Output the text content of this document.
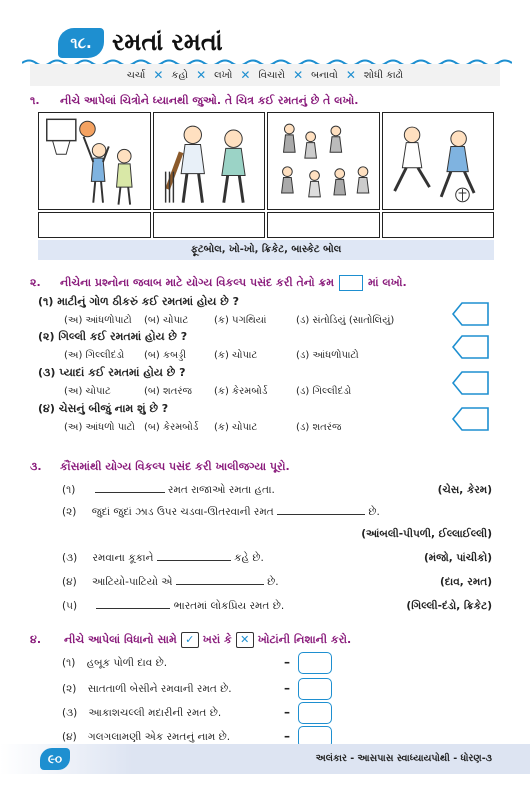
૧૮. રમતાં રમતાં
ચર્ચા ✕ કહો ✕ લખો ✕ વિચારો ✕ બનાવો ✕ શોધી કાઢો
૧. નીચે આપેલાં ચિત્રોને ધ્યાનથી જુઓ. તે ચિત્ર કઈ રમતનું છે તે લખો.
ફૂટબોલ, ખો-ખો, ક્રિકેટ, બાસ્કેટ બોલ
૨.	નીચેના પ્રશ્નોના જવાબ માટે યોગ્ય વિકલ્પ પસંદ કરી તેનો ક્રમ	માં લખો.
(૧) માટીનું ગોળ ઠીકરું કઈ રમતમાં હોય છે ?
(અ) આંધળોપાટો	(બ) ચોપાટ	(ક) પગથિયાં	(ડ) સંતોડિયું (સાતોલિયું)
(૨) ગિલ્લી કઈ રમતમાં હોય છે ?
(અ) ગિલ્લીદંડો	(બ) કબડ્ડી	(ક) ચોપાટ	(ડ) આંધળોપાટો
(૩) પ્યાદાં કઈ રમતમાં હોય છે ?
(અ) ચોપાટ	(બ) શતરંજ	(ક) કેરમબોર્ડ	(ડ) ગિલ્લીદંડો
(૪) ચેસનું બીજું નામ શું છે ?
(અ) આંધળો પાટો (બ) કેરમબોર્ડ	(ક) ચોપાટ	(ડ) શતરંજ
૩. કૌંસમાંથી યોગ્ય વિકલ્પ પસંદ કરી ખાલીજગ્યા પૂરો.
(૧)	રમત રાજાઓ રમતા હતા.	(ચેસ, કેરમ)
(૨) જુદાં જુદાં ઝાડ ઉપર ચડવા-ઊતરવાની રમત	છે.
(આંબલી-પીપળી, ઈલ્લાઈલ્લી)
(૩) રમવાના કૂકાને	કહે છે.	(મંજો, પાંચીકો)
(૪) આટિયો-પાટિયો એ	છે.	(દાવ, રમત)
(૫)	ભારતમાં લોકપ્રિય રમત છે.	(ગિલ્લી-દંડો, ક્રિકેટ)
૪.	નીચે આપેલાં વિધાનો સામે ✓ ખરાં કે ✕ ખોટાંની નિશાની કરો.
(૧) હબૂક પોળી દાવ છે.	–
(૨) સાતતાળી બેસીને રમવાની રમત છે.	–
(૩) આકાશચલ્લી મદારીની રમત છે.	–
(૪) ગલગલામણી એક રમતનું નામ છે.	–
૯૦	અલંકાર - આસપાસ સ્વાધ્યાયપોથી - ધોરણ-૩
